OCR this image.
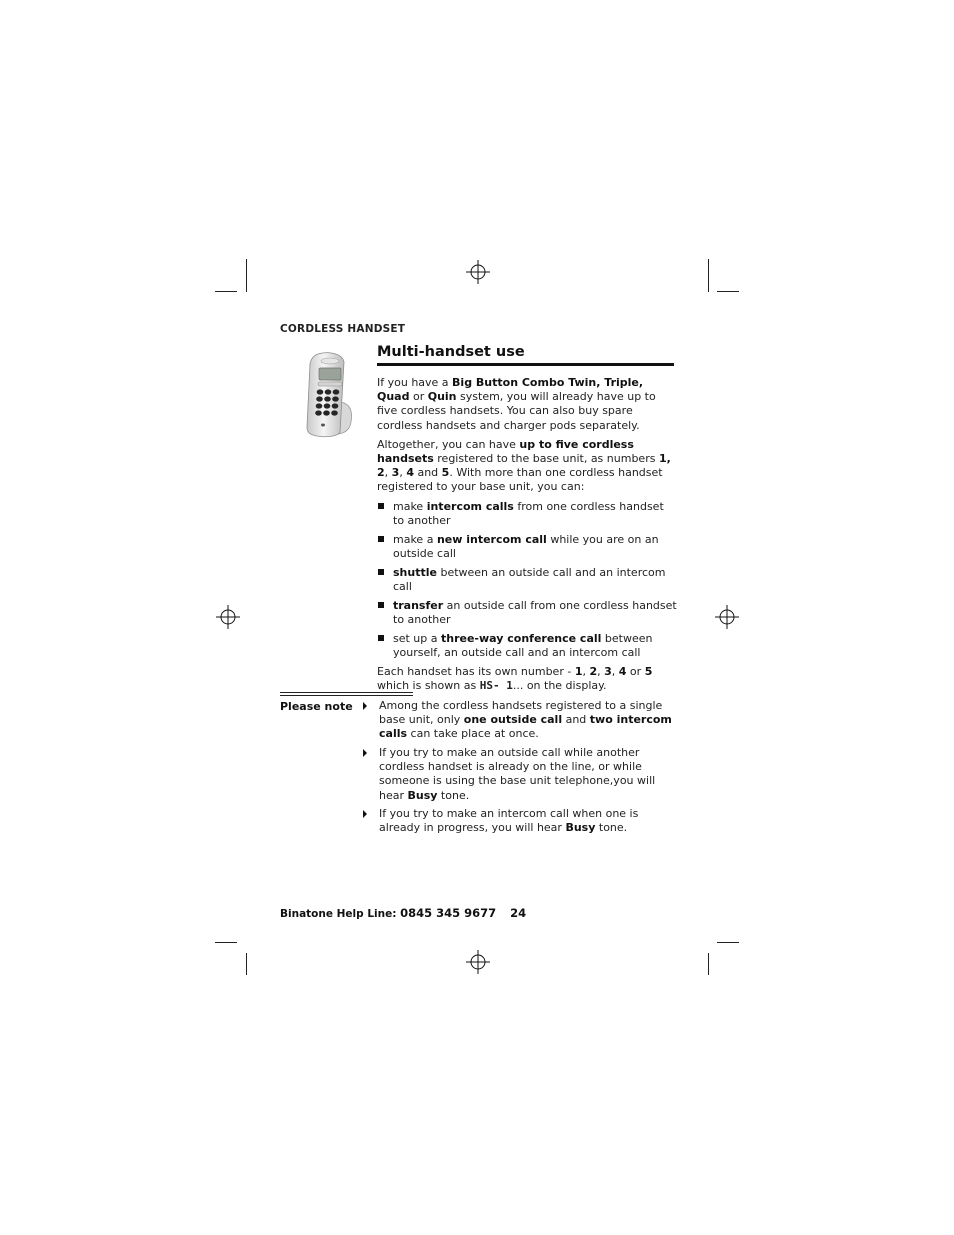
CORDLESS HANDSET
Multi-handset use

If you have a Big Button Combo Twin, Triple, Quad or Quin system, you will already have up to five cordless handsets. You can also buy spare cordless handsets and charger pods separately.

Altogether, you can have up to five cordless handsets registered to the base unit, as numbers 1, 2, 3, 4 and 5. With more than one cordless handset registered to your base unit, you can:

make intercom calls from one cordless handset to another
make a new intercom call while you are on an outside call
shuttle between an outside call and an intercom call
transfer an outside call from one cordless handset to another
set up a three-way conference call between yourself, an outside call and an intercom call

Each handset has its own number - 1, 2, 3, 4 or 5 which is shown as HS- 1... on the display.

Please note	Among the cordless handsets registered to a single base unit, only one outside call and two intercom calls can take place at once.
If you try to make an outside call while another cordless handset is already on the line, or while someone is using the base unit telephone,you will hear Busy tone.
If you try to make an intercom call when one is already in progress, you will hear Busy tone.
Binatone Help Line: 0845 345 9677 24
